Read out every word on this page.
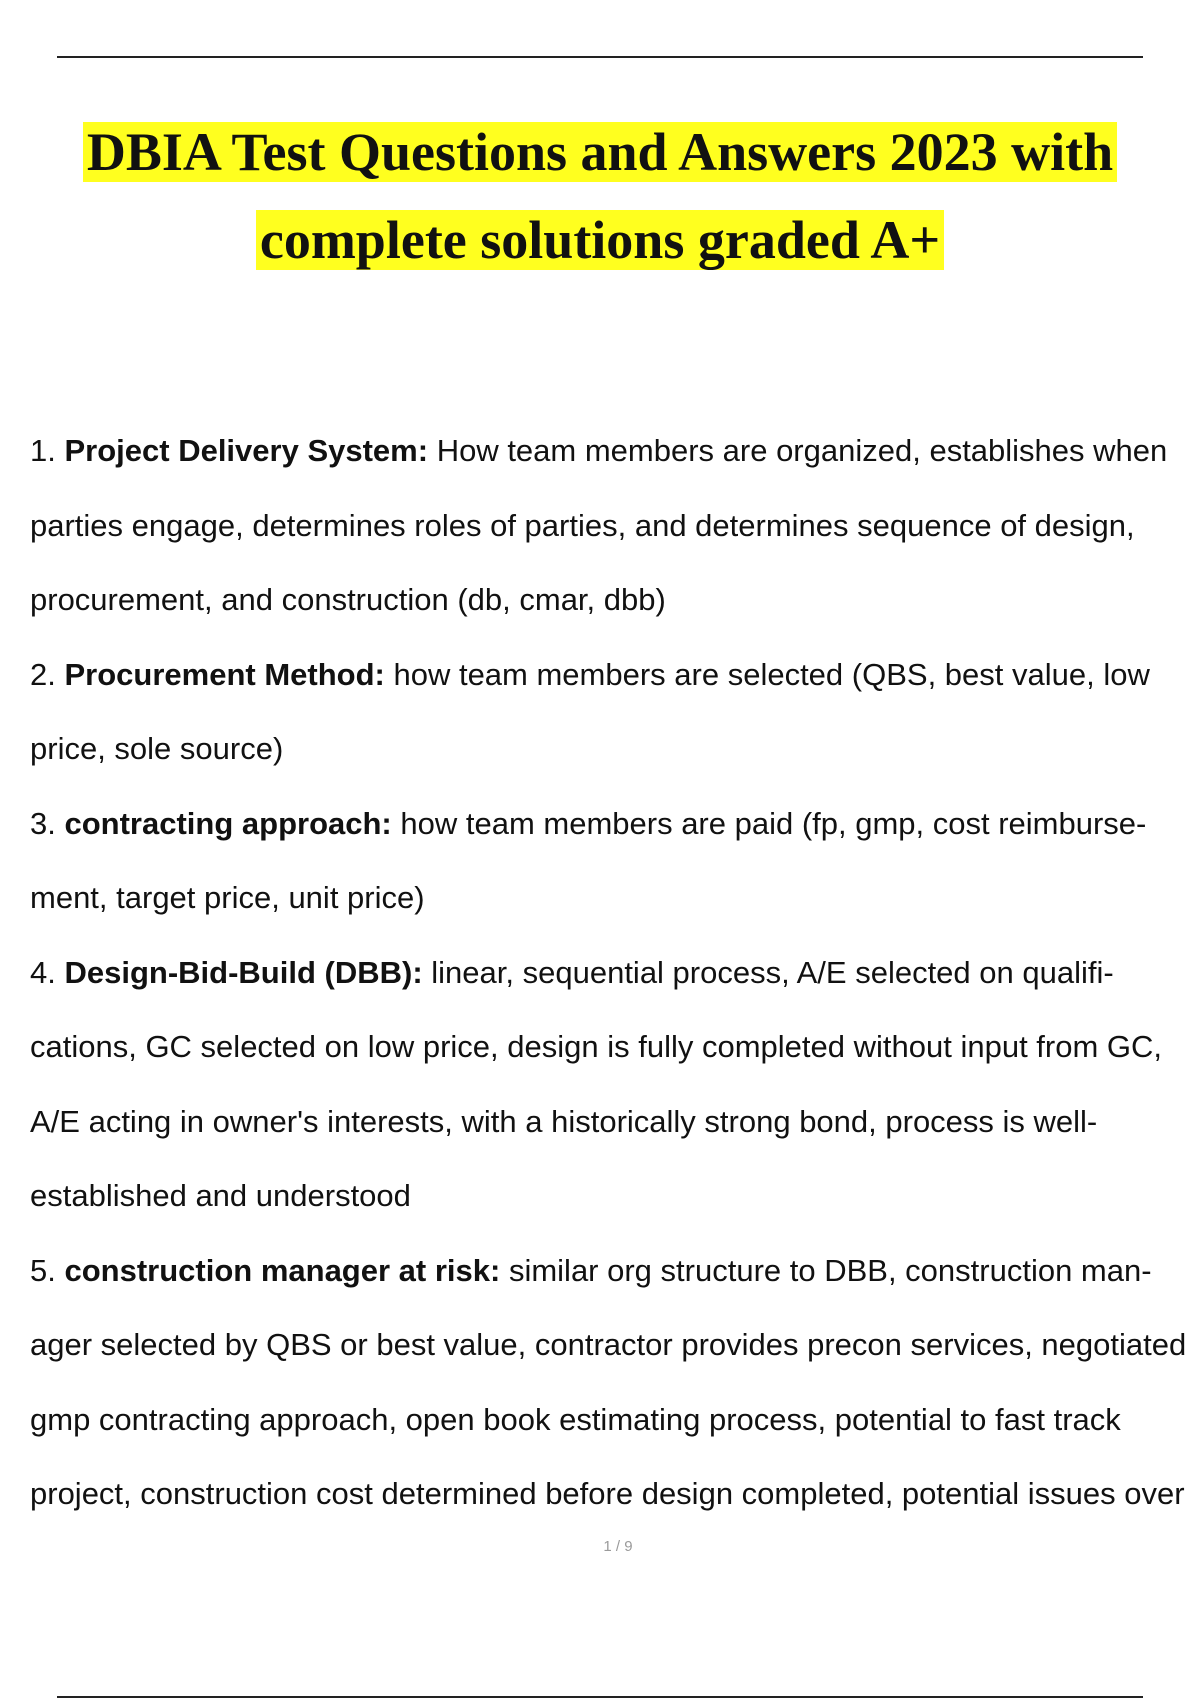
DBIA Test Questions and Answers 2023 with
complete solutions graded A+
1. Project Delivery System: How team members are organized, establishes when parties engage, determines roles of parties, and determines sequence of design, procurement, and construction (db, cmar, dbb)
2. Procurement Method: how team members are selected (QBS, best value, low price, sole source)
3. contracting approach: how team members are paid (fp, gmp, cost reimburse-ment, target price, unit price)
4. Design-Bid-Build (DBB): linear, sequential process, A/E selected on qualifi-cations, GC selected on low price, design is fully completed without input from GC, A/E acting in owner's interests, with a historically strong bond, process is well-established and understood
5. construction manager at risk: similar org structure to DBB, construction man-ager selected by QBS or best value, contractor provides precon services, negotiated gmp contracting approach, open book estimating process, potential to fast track project, construction cost determined before design completed, potential issues over
1 / 9
